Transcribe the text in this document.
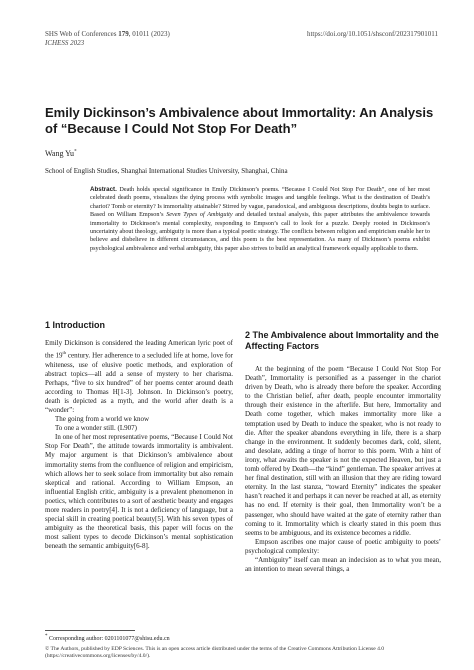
SHS Web of Conferences 179, 01011 (2023)
ICHESS 2023
https://doi.org/10.1051/shsconf/202317901011
Emily Dickinson’s Ambivalence about Immortality: An Analysis of “Because I Could Not Stop For Death”
Wang Yu*
School of English Studies, Shanghai International Studies University, Shanghai, China
Abstract. Death holds special significance in Emily Dickinson’s poems. “Because I Could Not Stop For Death”, one of her most celebrated death poems, visualizes the dying process with symbolic images and tangible feelings. What is the destination of Death’s chariot? Tomb or eternity? Is immortality attainable? Stirred by vague, paradoxical, and ambiguous descriptions, doubts begin to surface. Based on William Empson’s Seven Types of Ambiguity and detailed textual analysis, this paper attributes the ambivalence towards immortality to Dickinson’s mental complexity, responding to Empson’s call to look for a puzzle. Deeply rooted in Dickinson’s uncertainty about theology, ambiguity is more than a typical poetic strategy. The conflicts between religion and empiricism enable her to believe and disbelieve in different circumstances, and this poem is the best representation. As many of Dickinson’s poems exhibit psychological ambivalence and verbal ambiguity, this paper also strives to build an analytical framework equally applicable to them.
1 Introduction

Emily Dickinson is considered the leading American lyric poet of the 19th century. Her adherence to a secluded life at home, love for whiteness, use of elusive poetic methods, and exploration of abstract topics—all add a sense of mystery to her charisma. Perhaps, “five to six hundred” of her poems center around death according to Thomas H[1-3]. Johnson. In Dickinson’s poetry, death is depicted as a myth, and the world after death is a “wonder”:

The going from a world we know

To one a wonder still. (L907)

In one of her most representative poems, “Because I Could Not Stop For Death”, the attitude towards immortality is ambivalent. My major argument is that Dickinson’s ambivalence about immortality stems from the confluence of religion and empiricism, which allows her to seek solace from immortality but also remain skeptical and rational. According to William Empson, an influential English critic, ambiguity is a prevalent phenomenon in poetics, which contributes to a sort of aesthetic beauty and engages more readers in poetry[4]. It is not a deficiency of language, but a special skill in creating poetical beauty[5]. With his seven types of ambiguity as the theoretical basis, this paper will focus on the most salient types to decode Dickinson’s mental sophistication beneath the semantic ambiguity[6-8].

2 The Ambivalence about Immortality and the Affecting Factors

At the beginning of the poem “Because I Could Not Stop For Death”, Immortality is personified as a passenger in the chariot driven by Death, who is already there before the speaker. According to the Christian belief, after death, people encounter immortality through their existence in the afterlife. But here, Immortality and Death come together, which makes immortality more like a temptation used by Death to induce the speaker, who is not ready to die. After the speaker abandons everything in life, there is a sharp change in the environment. It suddenly becomes dark, cold, silent, and desolate, adding a tinge of horror to this poem. With a hint of irony, what awaits the speaker is not the expected Heaven, but just a tomb offered by Death—the “kind” gentleman. The speaker arrives at her final destination, still with an illusion that they are riding toward eternity. In the last stanza, “toward Eternity” indicates the speaker hasn’t reached it and perhaps it can never be reached at all, as eternity has no end. If eternity is their goal, then Immortality won’t be a passenger, who should have waited at the gate of eternity rather than coming to it. Immortality which is clearly stated in this poem thus seems to be ambiguous, and its existence becomes a riddle.

Empson ascribes one major cause of poetic ambiguity to poets’ psychological complexity:

“Ambiguity” itself can mean an indecision as to what you mean, an intention to mean several things, a

* Corresponding author: 0201101077@shisu.edu.cn
© The Authors, published by EDP Sciences. This is an open access article distributed under the terms of the Creative Commons Attribution License 4.0 (https://creativecommons.org/licenses/by/4.0/).
